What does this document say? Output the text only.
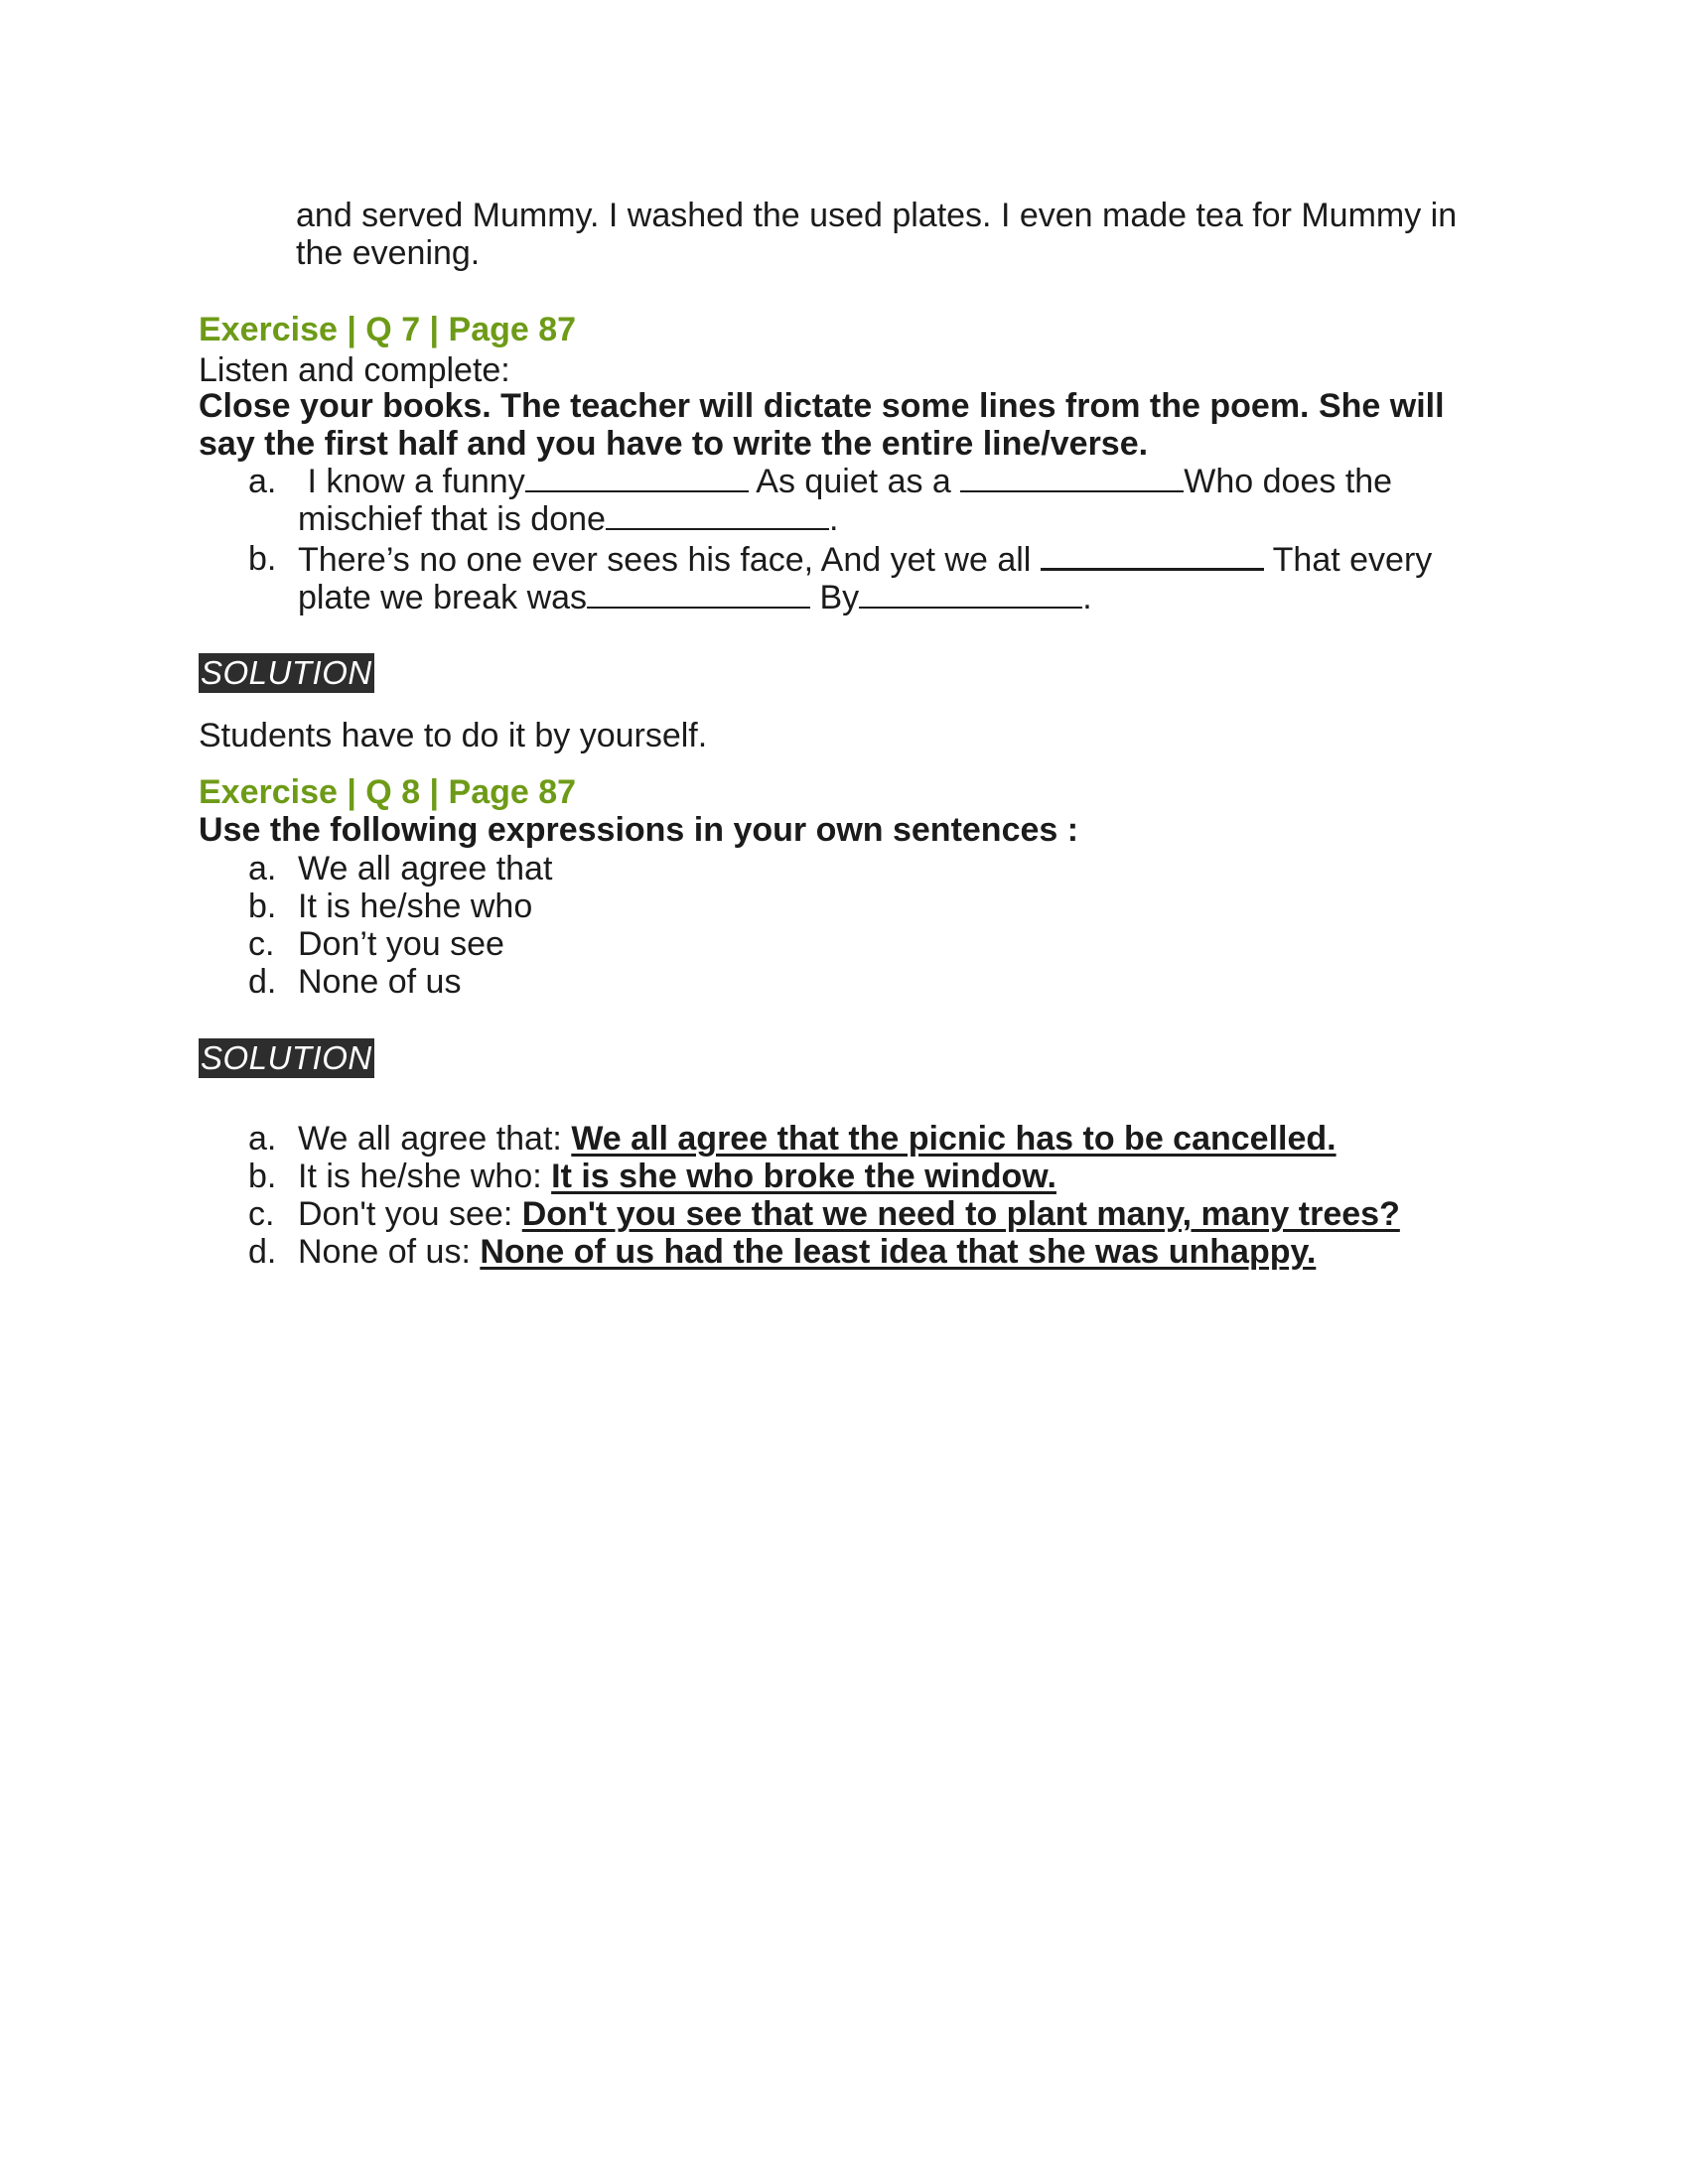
and served Mummy. I washed the used plates. I even made tea for Mummy in the evening.
Exercise | Q 7 | Page 87
Listen and complete:
Close your books. The teacher will dictate some lines from the poem. She will say the first half and you have to write the entire line/verse.
a. I know a funny	As quiet as a	Who does the mischief that is done	.
b. There’s no one ever sees his face, And yet we all	That every plate we break was	By	.
SOLUTION
Students have to do it by yourself.
Exercise | Q 8 | Page 87
Use the following expressions in your own sentences :
a. We all agree that
b. It is he/she who
c. Don’t you see
d. None of us
SOLUTION
a. We all agree that: We all agree that the picnic has to be cancelled.
b. It is he/she who: It is she who broke the window.
c. Don't you see: Don't you see that we need to plant many, many trees?
d. None of us: None of us had the least idea that she was unhappy.
